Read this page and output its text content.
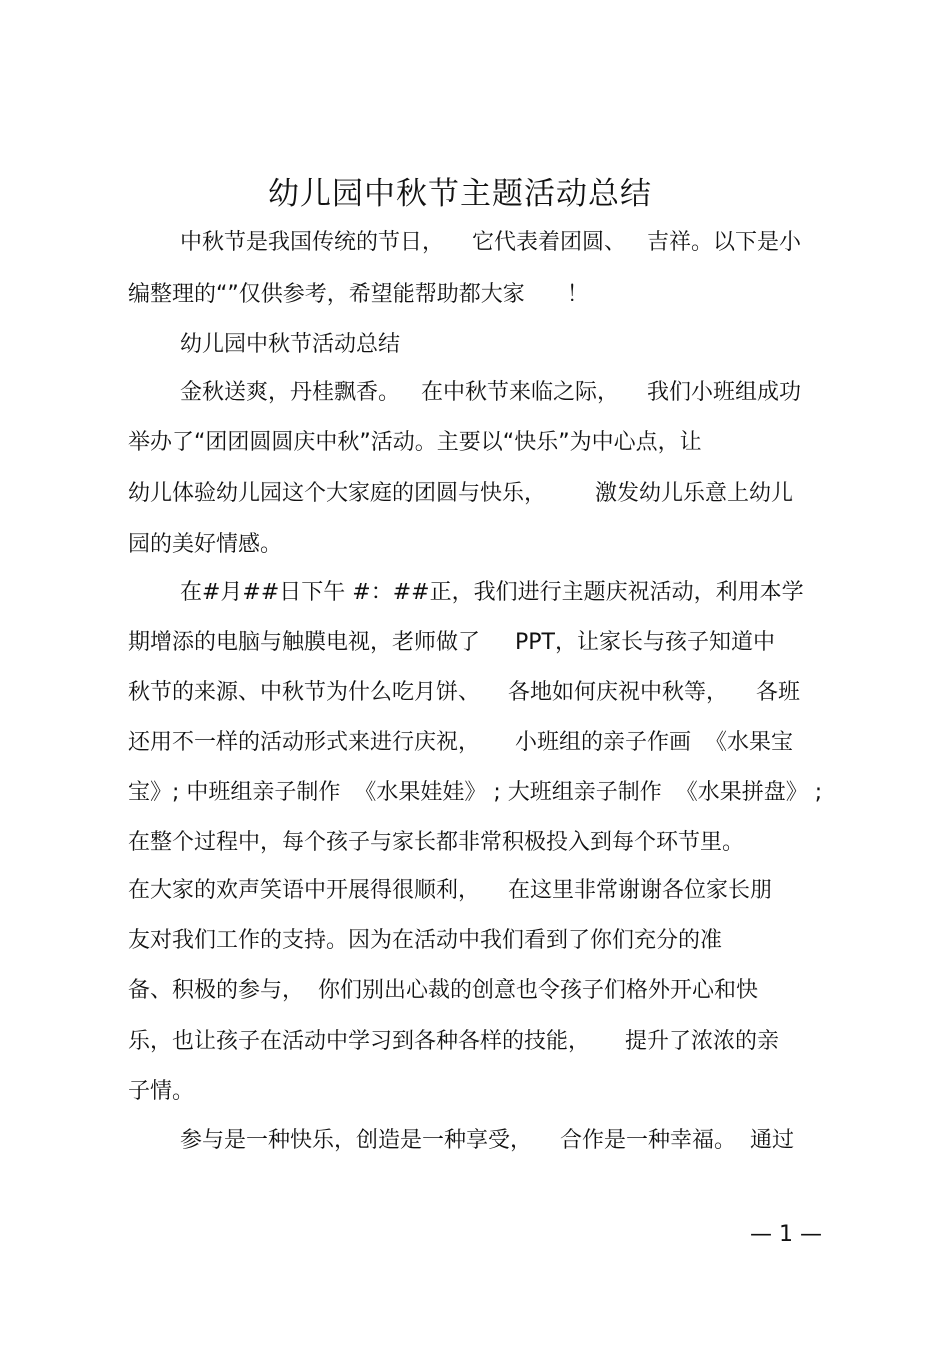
幼儿园中秋节主题活动总结
中秋节是我国传统的节日，    它代表着团圆、   吉祥。以下是小
编整理的“”仅供参考，希望能帮助都大家      ！
幼儿园中秋节活动总结
金秋送爽，丹桂飘香。   在中秋节来临之际，    我们小班组成功
举办了“团团圆圆庆中秋”活动。主要以“快乐”为中心点，让
幼儿体验幼儿园这个大家庭的团圆与快乐，       激发幼儿乐意上幼儿
园的美好情感。
在#月##日下午 #：##正，我们进行主题庆祝活动，利用本学
期增添的电脑与触膜电视，老师做了     PPT，让家长与孩子知道中
秋节的来源、中秋节为什么吃月饼、    各地如何庆祝中秋等，    各班
还用不一样的活动形式来进行庆祝，     小班组的亲子作画  《水果宝
宝》; 中班组亲子制作  《水果娃娃》 ; 大班组亲子制作  《水果拼盘》 ;
在整个过程中，每个孩子与家长都非常积极投入到每个环节里。
在大家的欢声笑语中开展得很顺利，    在这里非常谢谢各位家长朋
友对我们工作的支持。因为在活动中我们看到了你们充分的准
备、积极的参与，  你们别出心裁的创意也令孩子们格外开心和快
乐，也让孩子在活动中学习到各种各样的技能，     提升了浓浓的亲
子情。
参与是一种快乐，创造是一种享受，    合作是一种幸福。  通过
— 1 —
